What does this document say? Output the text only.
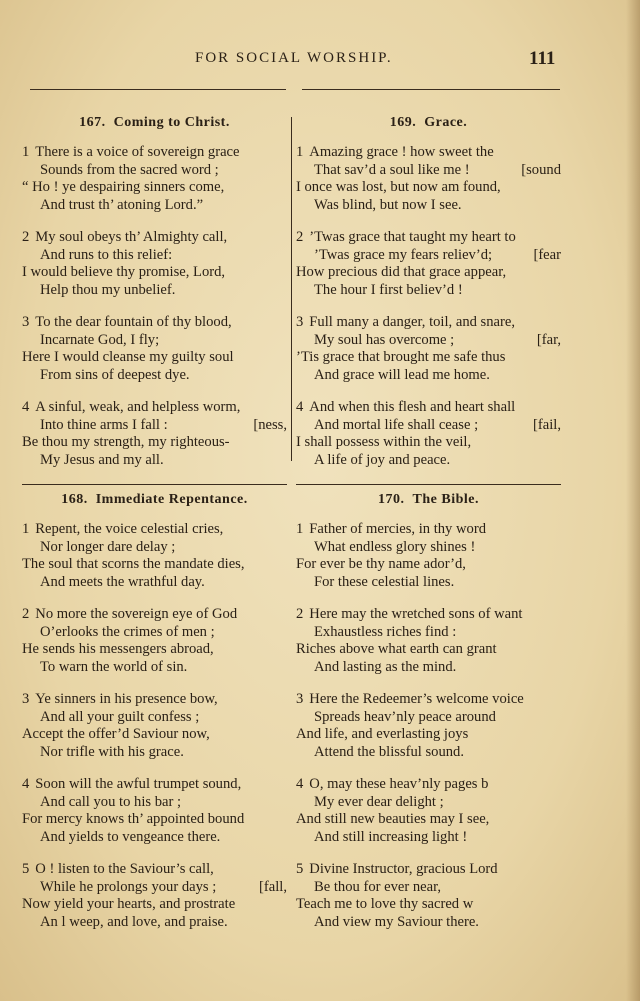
FOR SOCIAL WORSHIP.	111
167. Coming to Christ.
1 There is a voice of sovereign grace
Sounds from the sacred word ;
“ Ho ! ye despairing sinners come,
And trust th’ atoning Lord.”
2 My soul obeys th’ Almighty call,
And runs to this relief:
I would believe thy promise, Lord,
Help thou my unbelief.
3 To the dear fountain of thy blood,
Incarnate God, I fly;
Here I would cleanse my guilty soul
From sins of deepest dye.
4 A sinful, weak, and helpless worm,
Into thine arms I fall :	[ness,
Be thou my strength, my righteous-
My Jesus and my all.
168. Immediate Repentance.
1 Repent, the voice celestial cries,
Nor longer dare delay ;
The soul that scorns the mandate dies,
And meets the wrathful day.
2 No more the sovereign eye of God
O’erlooks the crimes of men ;
He sends his messengers abroad,
To warn the world of sin.
3 Ye sinners in his presence bow,
And all your guilt confess ;
Accept the offer’d Saviour now,
Nor trifle with his grace.
4 Soon will the awful trumpet sound,
And call you to his bar ;
For mercy knows th’ appointed bound
And yields to vengeance there.
5 O ! listen to the Saviour’s call,
While he prolongs your days ;	[fall,
Now yield your hearts, and prostrate
An l weep, and love, and praise.
169. Grace.
1 Amazing grace ! how sweet the
That sav’d a soul like me !	[sound
I once was lost, but now am found,
Was blind, but now I see.
2 ’Twas grace that taught my heart to
’Twas grace my fears reliev’d;	[fear
How precious did that grace appear,
The hour I first believ’d !
3 Full many a danger, toil, and snare,
My soul has overcome ;	[far,
’Tis grace that brought me safe thus
And grace will lead me home.
4 And when this flesh and heart shall
And mortal life shall cease ;	[fail,
I shall possess within the veil,
A life of joy and peace.
170. The Bible.
1 Father of mercies, in thy word
What endless glory shines !
For ever be thy name ador’d,
For these celestial lines.
2 Here may the wretched sons of want
Exhaustless riches find :
Riches above what earth can grant
And lasting as the mind.
3 Here the Redeemer’s welcome voice
Spreads heav’nly peace around
And life, and everlasting joys
Attend the blissful sound.
4 O, may these heav’nly pages b
My ever dear delight ;
And still new beauties may I see,
And still increasing light !
5 Divine Instructor, gracious Lord
Be thou for ever near,
Teach me to love thy sacred w
And view my Saviour there.
